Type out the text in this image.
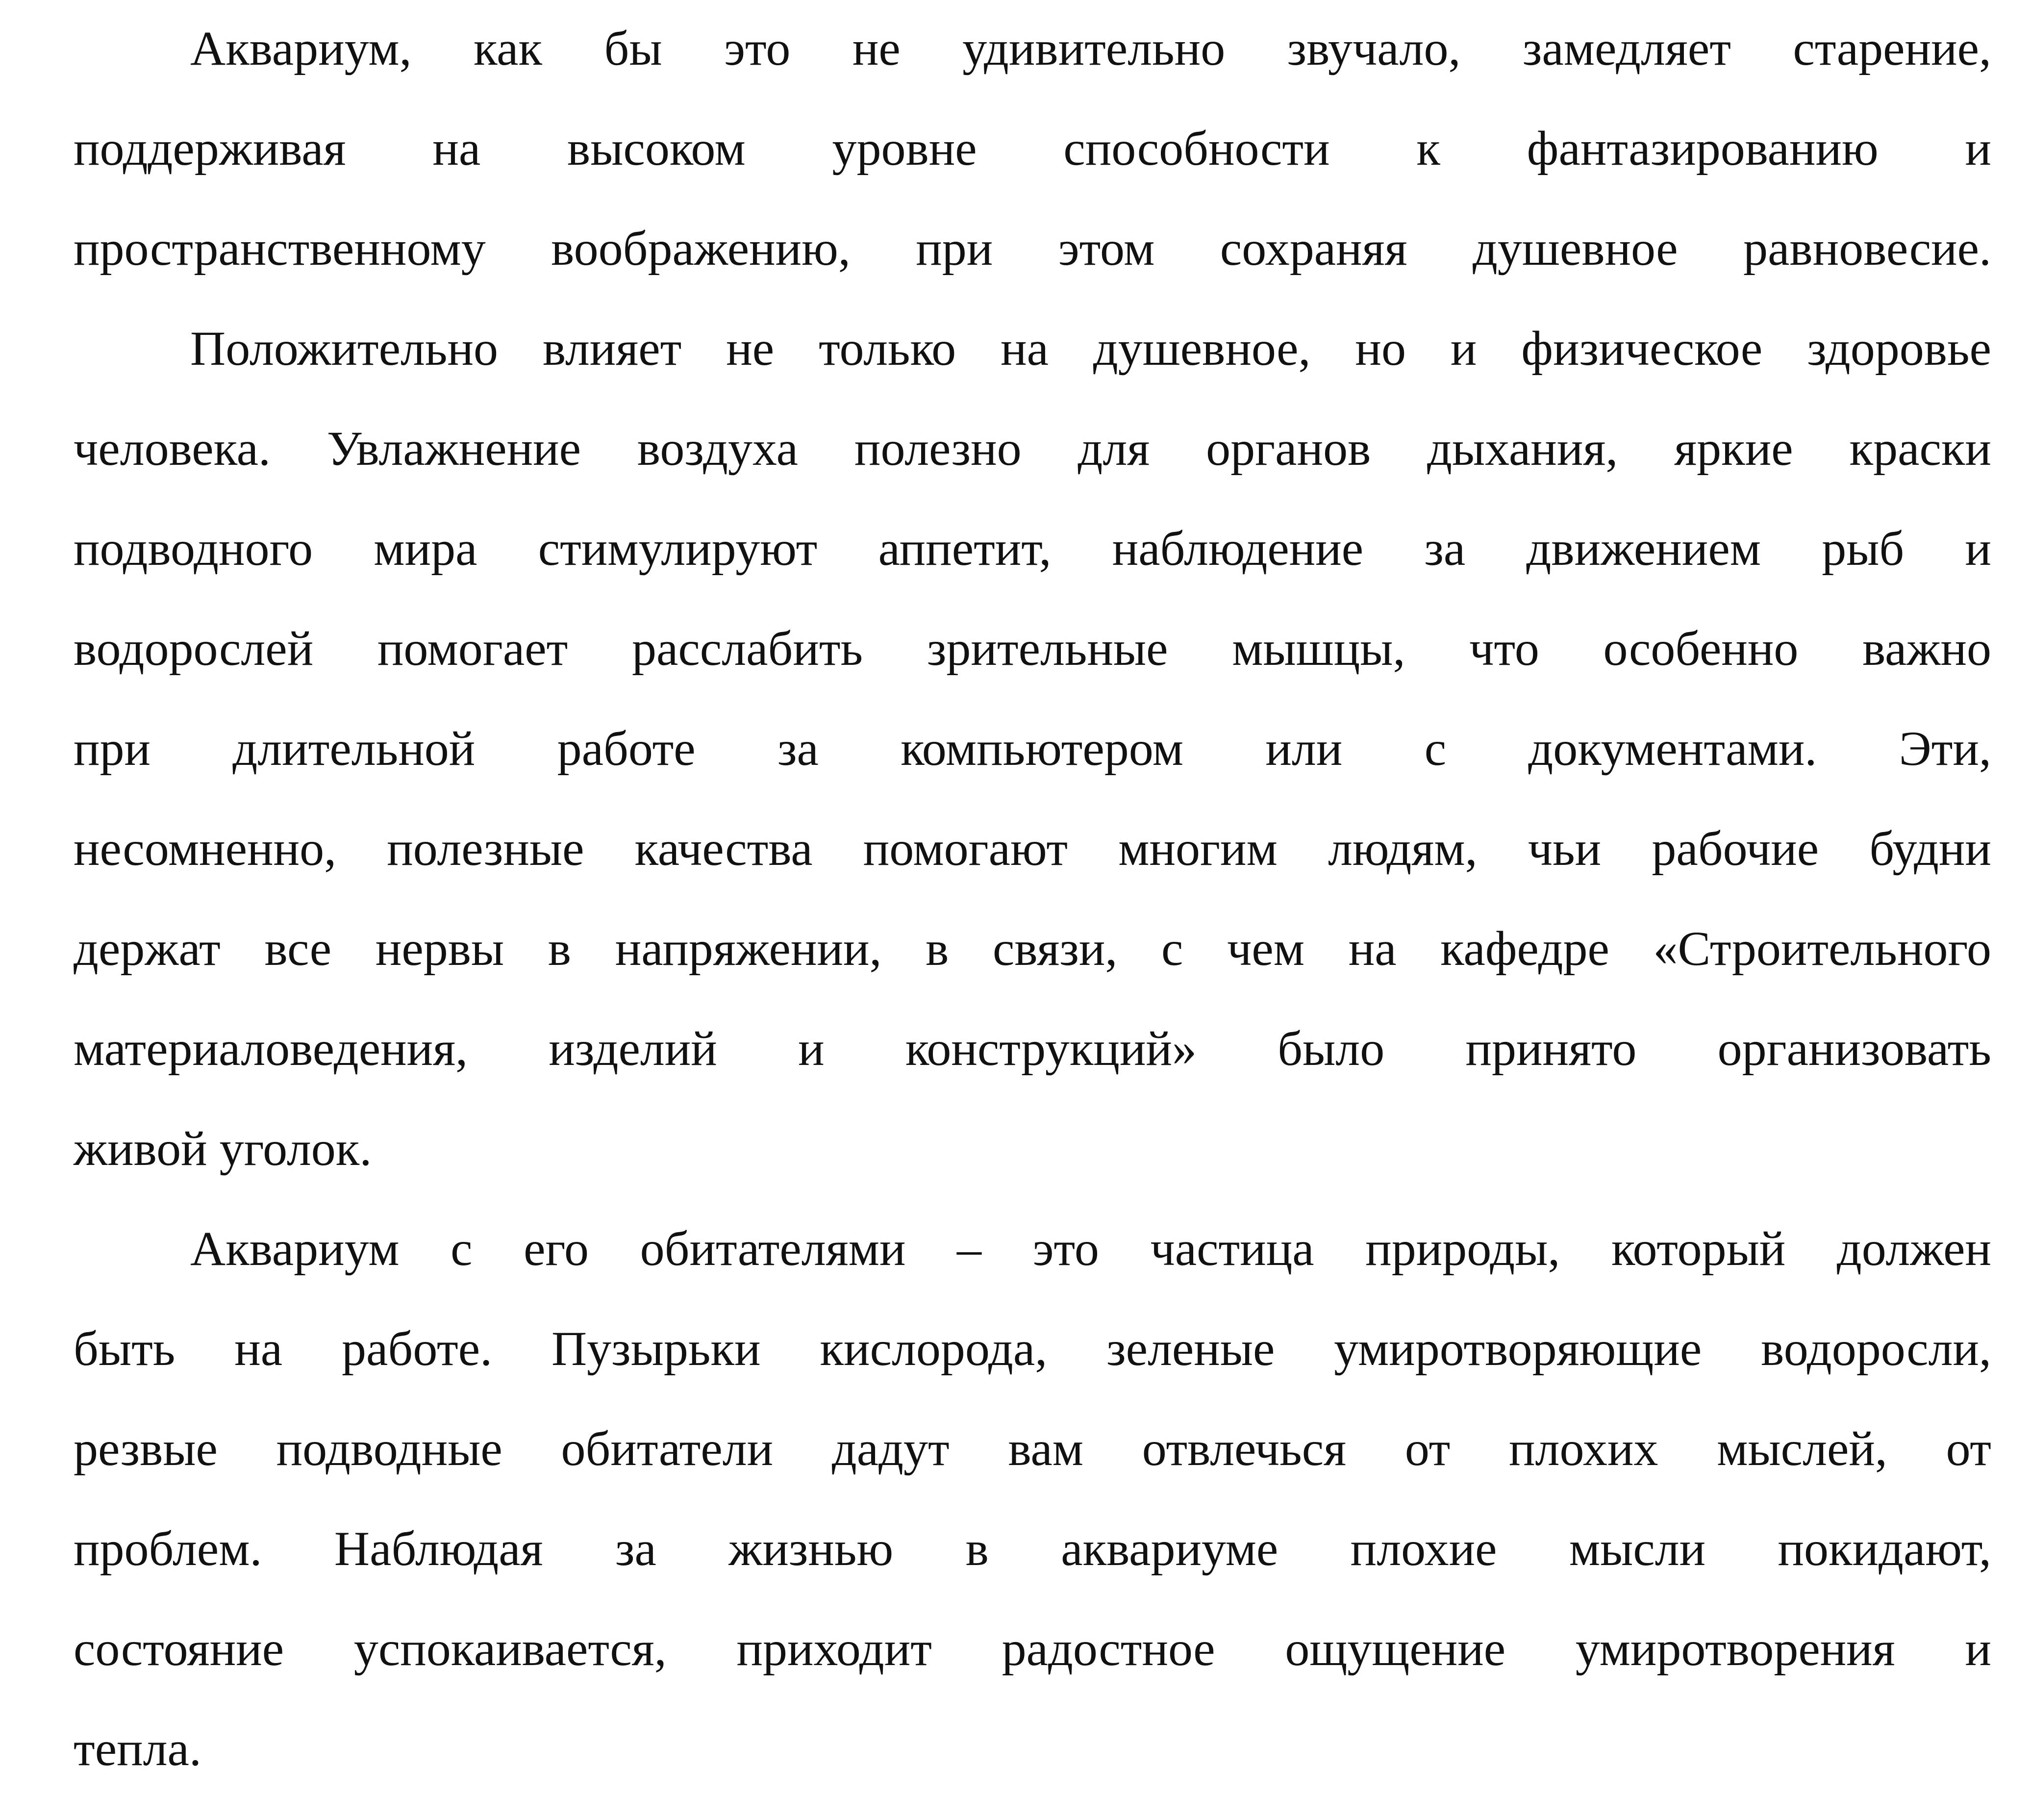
Аквариум, как бы это не удивительно звучало, замедляет старение,
поддерживая на высоком уровне способности к фантазированию и
пространственному воображению, при этом сохраняя душевное равновесие.
Положительно влияет не только на душевное, но и физическое здоровье
человека. Увлажнение воздуха полезно для органов дыхания, яркие краски
подводного мира стимулируют аппетит, наблюдение за движением рыб и
водорослей помогает расслабить зрительные мышцы, что особенно важно
при длительной работе за компьютером или с документами. Эти,
несомненно, полезные качества помогают многим людям, чьи рабочие будни
держат все нервы в напряжении, в связи, с чем на кафедре «Строительного
материаловедения, изделий и конструкций» было принято организовать
живой уголок.
Аквариум с его обитателями – это частица природы, который должен
быть на работе. Пузырьки кислорода, зеленые умиротворяющие водоросли,
резвые подводные обитатели дадут вам отвлечься от плохих мыслей, от
проблем. Наблюдая за жизнью в аквариуме плохие мысли покидают,
состояние успокаивается, приходит радостное ощущение умиротворения и
тепла.
